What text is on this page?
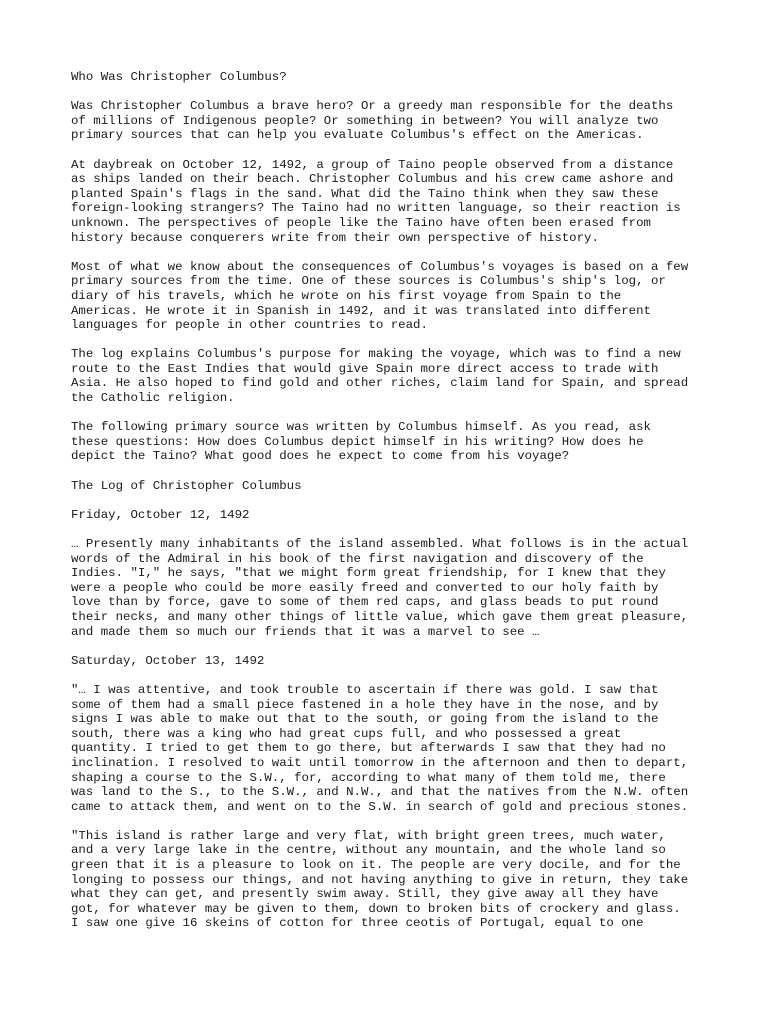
Who Was Christopher Columbus?
Was Christopher Columbus a brave hero? Or a greedy man responsible for the deaths
of millions of Indigenous people? Or something in between? You will analyze two
primary sources that can help you evaluate Columbus's effect on the Americas.
At daybreak on October 12, 1492, a group of Taino people observed from a distance
as ships landed on their beach. Christopher Columbus and his crew came ashore and
planted Spain's flags in the sand. What did the Taino think when they saw these
foreign-looking strangers? The Taino had no written language, so their reaction is
unknown. The perspectives of people like the Taino have often been erased from
history because conquerers write from their own perspective of history.
Most of what we know about the consequences of Columbus's voyages is based on a few
primary sources from the time. One of these sources is Columbus's ship's log, or
diary of his travels, which he wrote on his first voyage from Spain to the
Americas. He wrote it in Spanish in 1492, and it was translated into different
languages for people in other countries to read.
The log explains Columbus's purpose for making the voyage, which was to find a new
route to the East Indies that would give Spain more direct access to trade with
Asia. He also hoped to find gold and other riches, claim land for Spain, and spread
the Catholic religion.
The following primary source was written by Columbus himself. As you read, ask
these questions: How does Columbus depict himself in his writing? How does he
depict the Taino? What good does he expect to come from his voyage?
The Log of Christopher Columbus
Friday, October 12, 1492
… Presently many inhabitants of the island assembled. What follows is in the actual
words of the Admiral in his book of the first navigation and discovery of the
Indies. "I," he says, "that we might form great friendship, for I knew that they
were a people who could be more easily freed and converted to our holy faith by
love than by force, gave to some of them red caps, and glass beads to put round
their necks, and many other things of little value, which gave them great pleasure,
and made them so much our friends that it was a marvel to see …
Saturday, October 13, 1492
"… I was attentive, and took trouble to ascertain if there was gold. I saw that
some of them had a small piece fastened in a hole they have in the nose, and by
signs I was able to make out that to the south, or going from the island to the
south, there was a king who had great cups full, and who possessed a great
quantity. I tried to get them to go there, but afterwards I saw that they had no
inclination. I resolved to wait until tomorrow in the afternoon and then to depart,
shaping a course to the S.W., for, according to what many of them told me, there
was land to the S., to the S.W., and N.W., and that the natives from the N.W. often
came to attack them, and went on to the S.W. in search of gold and precious stones.
"This island is rather large and very flat, with bright green trees, much water,
and a very large lake in the centre, without any mountain, and the whole land so
green that it is a pleasure to look on it. The people are very docile, and for the
longing to possess our things, and not having anything to give in return, they take
what they can get, and presently swim away. Still, they give away all they have
got, for whatever may be given to them, down to broken bits of crockery and glass.
I saw one give 16 skeins of cotton for three ceotis of Portugal, equal to one
